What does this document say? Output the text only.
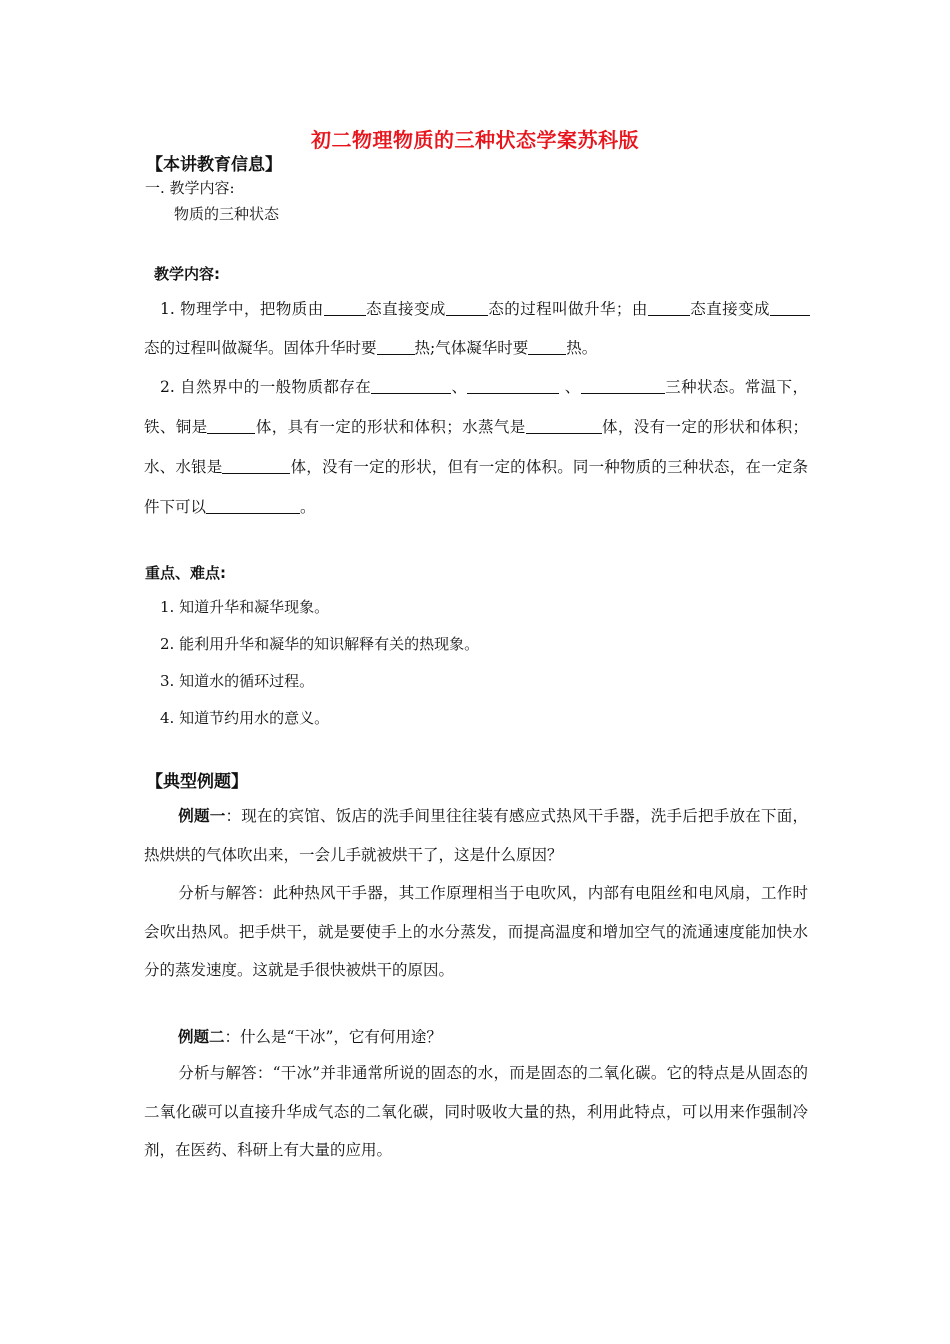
初二物理物质的三种状态学案苏科版
【本讲教育信息】
一. 教学内容:
物质的三种状态
教学内容:
1. 物理学中，把物质由	态直接变成	态的过程叫做升华；由	态直接变成态的过程叫做凝华。固体升华时要 热;气体凝华时要 热。
2. 自然界中的一般物质都存在	、	、	三种状态。常温下，铁、铜是	体，具有一定的形状和体积；水蒸气是	体，没有一定的形状和体积；水、水银是	体，没有一定的形状，但有一定的体积。同一种物质的三种状态，在一定条件下可以	。
重点、难点:
1. 知道升华和凝华现象。
2. 能利用升华和凝华的知识解释有关的热现象。
3. 知道水的循环过程。
4. 知道节约用水的意义。
【典型例题】
例题一：现在的宾馆、饭店的洗手间里往往装有感应式热风干手器，洗手后把手放在下面，热烘烘的气体吹出来，一会儿手就被烘干了，这是什么原因？
分析与解答：此种热风干手器，其工作原理相当于电吹风，内部有电阻丝和电风扇，工作时会吹出热风。把手烘干，就是要使手上的水分蒸发，而提高温度和增加空气的流通速度能加快水分的蒸发速度。这就是手很快被烘干的原因。
例题二：什么是“干冰”，它有何用途？
分析与解答：“干冰”并非通常所说的固态的水，而是固态的二氧化碳。它的特点是从固态的二氧化碳可以直接升华成气态的二氧化碳，同时吸收大量的热，利用此特点，可以用来作强制冷剂，在医药、科研上有大量的应用。
